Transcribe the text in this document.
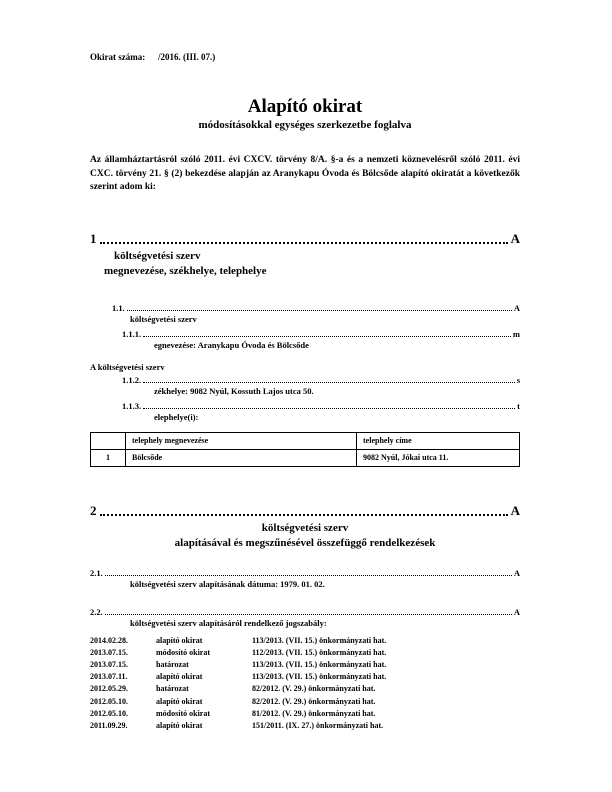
Okirat száma:	/2016. (III. 07.)
Alapító okirat
módosításokkal egységes szerkezetbe foglalva

Az államháztartásról szóló 2011. évi CXCV. törvény 8/A. §-a és a nemzeti köznevelésről szóló 2011. évi CXC. törvény 21. § (2) bekezdése alapján az Aranykapu Óvoda és Bölcsőde alapító okiratát a következők szerint adom ki:

1	A
költségvetési szerv
megnevezése, székhelye, telephelye
1.1.	A
költségvetési szerv
1.1.1.	m
egnevezése: Aranykapu Óvoda és Bölcsőde
A költségvetési szerv
1.1.2.	s
zékhelye: 9082 Nyúl, Kossuth Lajos utca 50.
1.1.3.	t
elephelye(i):
	telephely megnevezése	telephely címe
1	Bölcsőde	9082 Nyúl, Jókai utca 11.
2	A
költségvetési szerv
alapításával és megszűnésével összefüggő rendelkezések
2.1.	A
költségvetési szerv alapításának dátuma: 1979. 01. 02.
2.2.	A
költségvetési szerv alapításáról rendelkező jogszabály:
2014.02.28.	alapító okirat	113/2013. (VII. 15.) önkormányzati hat.
2013.07.15.	módosító okirat	112/2013. (VII. 15.) önkormányzati hat.
2013.07.15.	határozat	113/2013. (VII. 15.) önkormányzati hat.
2013.07.11.	alapító okirat	113/2013. (VII. 15.) önkormányzati hat.
2012.05.29.	határozat	82/2012. (V. 29.) önkormányzati hat.
2012.05.10.	alapító okirat	82/2012. (V. 29.) önkormányzati hat.
2012.05.10.	módosító okirat	81/2012. (V. 29.) önkormányzati hat.
2011.09.29.	alapító okirat	151/2011. (IX. 27.) önkormányzati hat.
